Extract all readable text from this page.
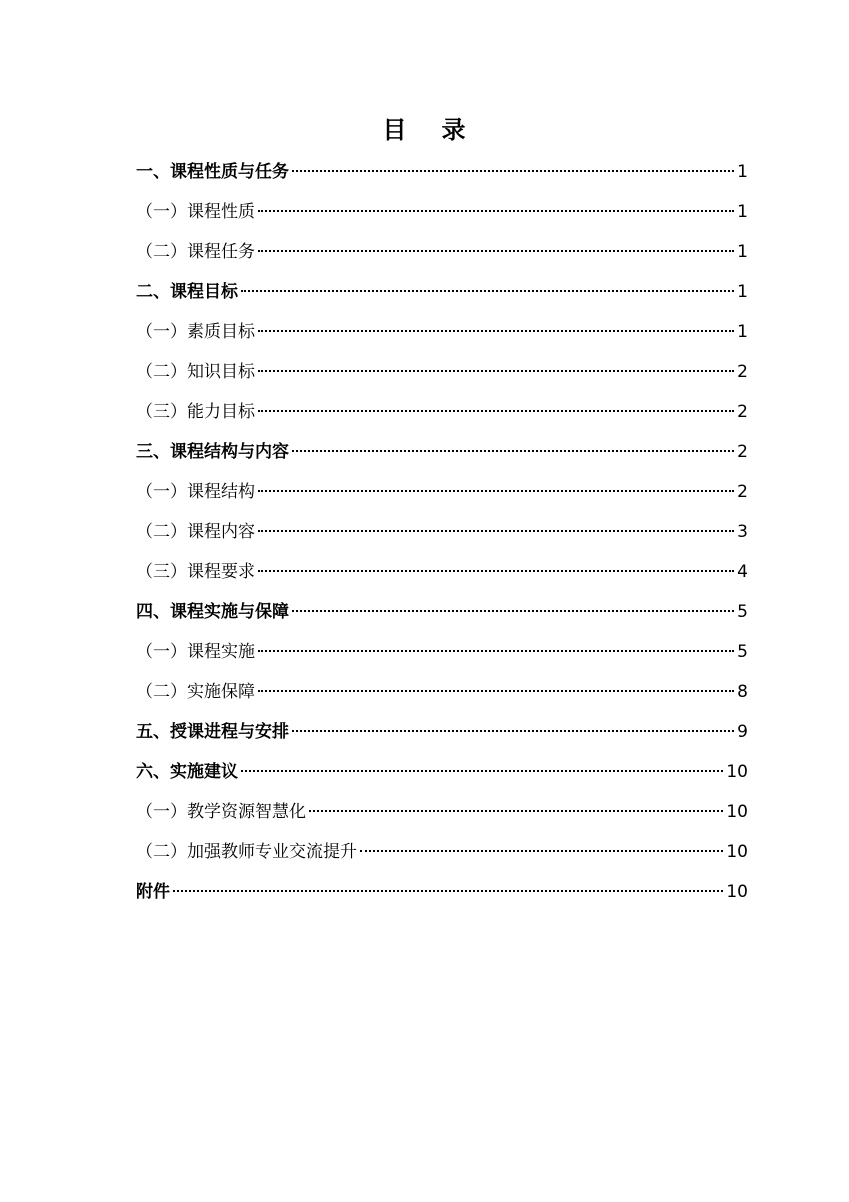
目 录
一、课程性质与任务	1
（一）课程性质	1
（二）课程任务	1
二、课程目标	1
（一）素质目标	1
（二）知识目标	2
（三）能力目标	2
三、课程结构与内容	2
（一）课程结构	2
（二）课程内容	3
（三）课程要求	4
四、课程实施与保障	5
（一）课程实施	5
（二）实施保障	8
五、授课进程与安排	9
六、实施建议	10
（一）教学资源智慧化	10
（二）加强教师专业交流提升	10
附件	10
